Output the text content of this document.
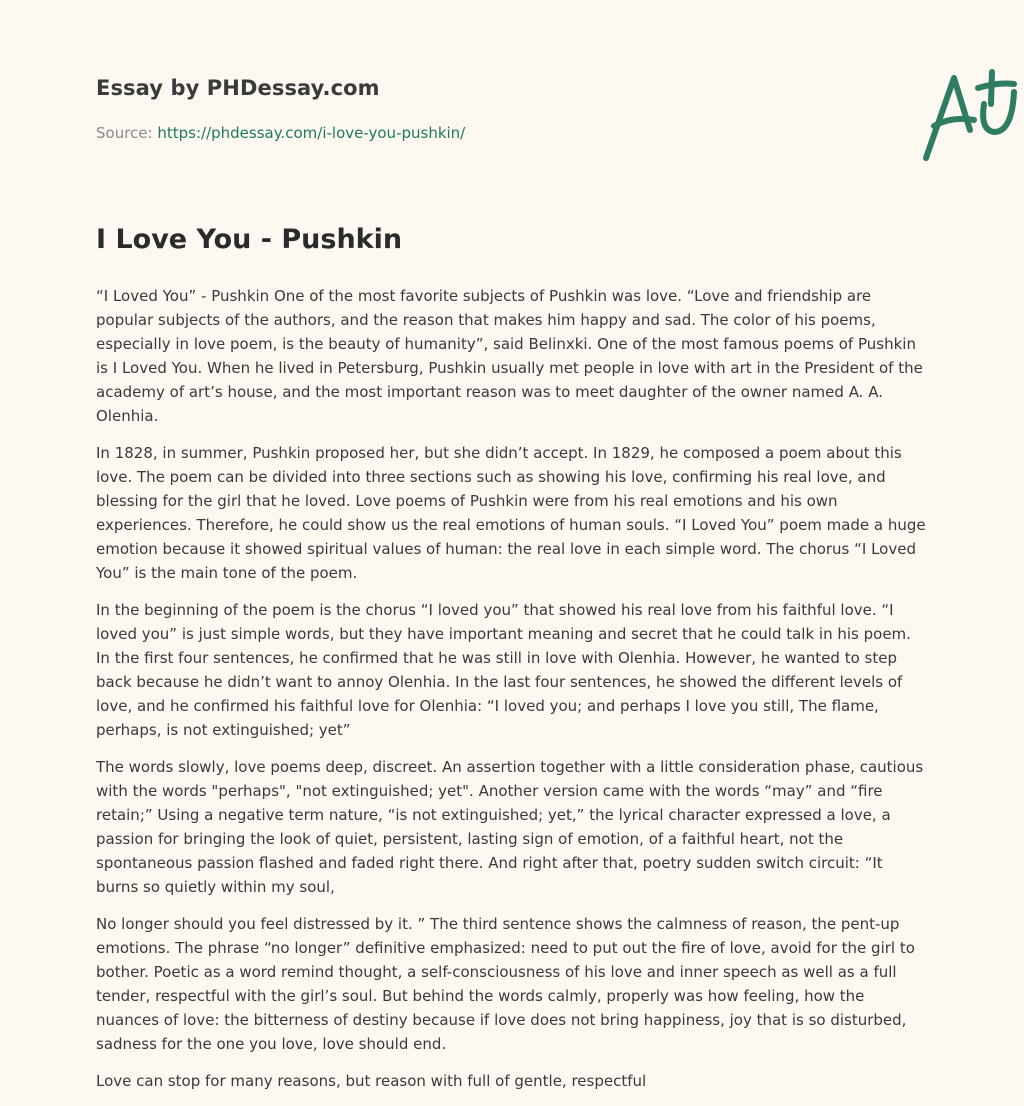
Essay by PHDessay.com
Source: https://phdessay.com/i-love-you-pushkin/
I Love You - Pushkin

“I Loved You” - Pushkin One of the most favorite subjects of Pushkin was love. “Love and friendship are popular subjects of the authors, and the reason that makes him happy and sad. The color of his poems, especially in love poem, is the beauty of humanity”, said Belinxki. One of the most famous poems of Pushkin is I Loved You. When he lived in Petersburg, Pushkin usually met people in love with art in the President of the academy of art’s house, and the most important reason was to meet daughter of the owner named A. A. Olenhia.

In 1828, in summer, Pushkin proposed her, but she didn’t accept. In 1829, he composed a poem about this love. The poem can be divided into three sections such as showing his love, confirming his real love, and blessing for the girl that he loved. Love poems of Pushkin were from his real emotions and his own experiences. Therefore, he could show us the real emotions of human souls. “I Loved You” poem made a huge emotion because it showed spiritual values of human: the real love in each simple word. The chorus “I Loved You” is the main tone of the poem.

In the beginning of the poem is the chorus “I loved you” that showed his real love from his faithful love. “I loved you” is just simple words, but they have important meaning and secret that he could talk in his poem. In the first four sentences, he confirmed that he was still in love with Olenhia. However, he wanted to step back because he didn’t want to annoy Olenhia. In the last four sentences, he showed the different levels of love, and he confirmed his faithful love for Olenhia: “I loved you; and perhaps I love you still, The flame, perhaps, is not extinguished; yet”

The words slowly, love poems deep, discreet. An assertion together with a little consideration phase, cautious with the words "perhaps", "not extinguished; yet". Another version came with the words “may” and “fire retain;” Using a negative term nature, “is not extinguished; yet,” the lyrical character expressed a love, a passion for bringing the look of quiet, persistent, lasting sign of emotion, of a faithful heart, not the spontaneous passion flashed and faded right there. And right after that, poetry sudden switch circuit: “It burns so quietly within my soul,

No longer should you feel distressed by it. ” The third sentence shows the calmness of reason, the pent-up emotions. The phrase “no longer” definitive emphasized: need to put out the fire of love, avoid for the girl to bother. Poetic as a word remind thought, a self-consciousness of his love and inner speech as well as a full tender, respectful with the girl’s soul. But behind the words calmly, properly was how feeling, how the nuances of love: the bitterness of destiny because if love does not bring happiness, joy that is so disturbed, sadness for the one you love, love should end.

Love can stop for many reasons, but reason with full of gentle, respectful
